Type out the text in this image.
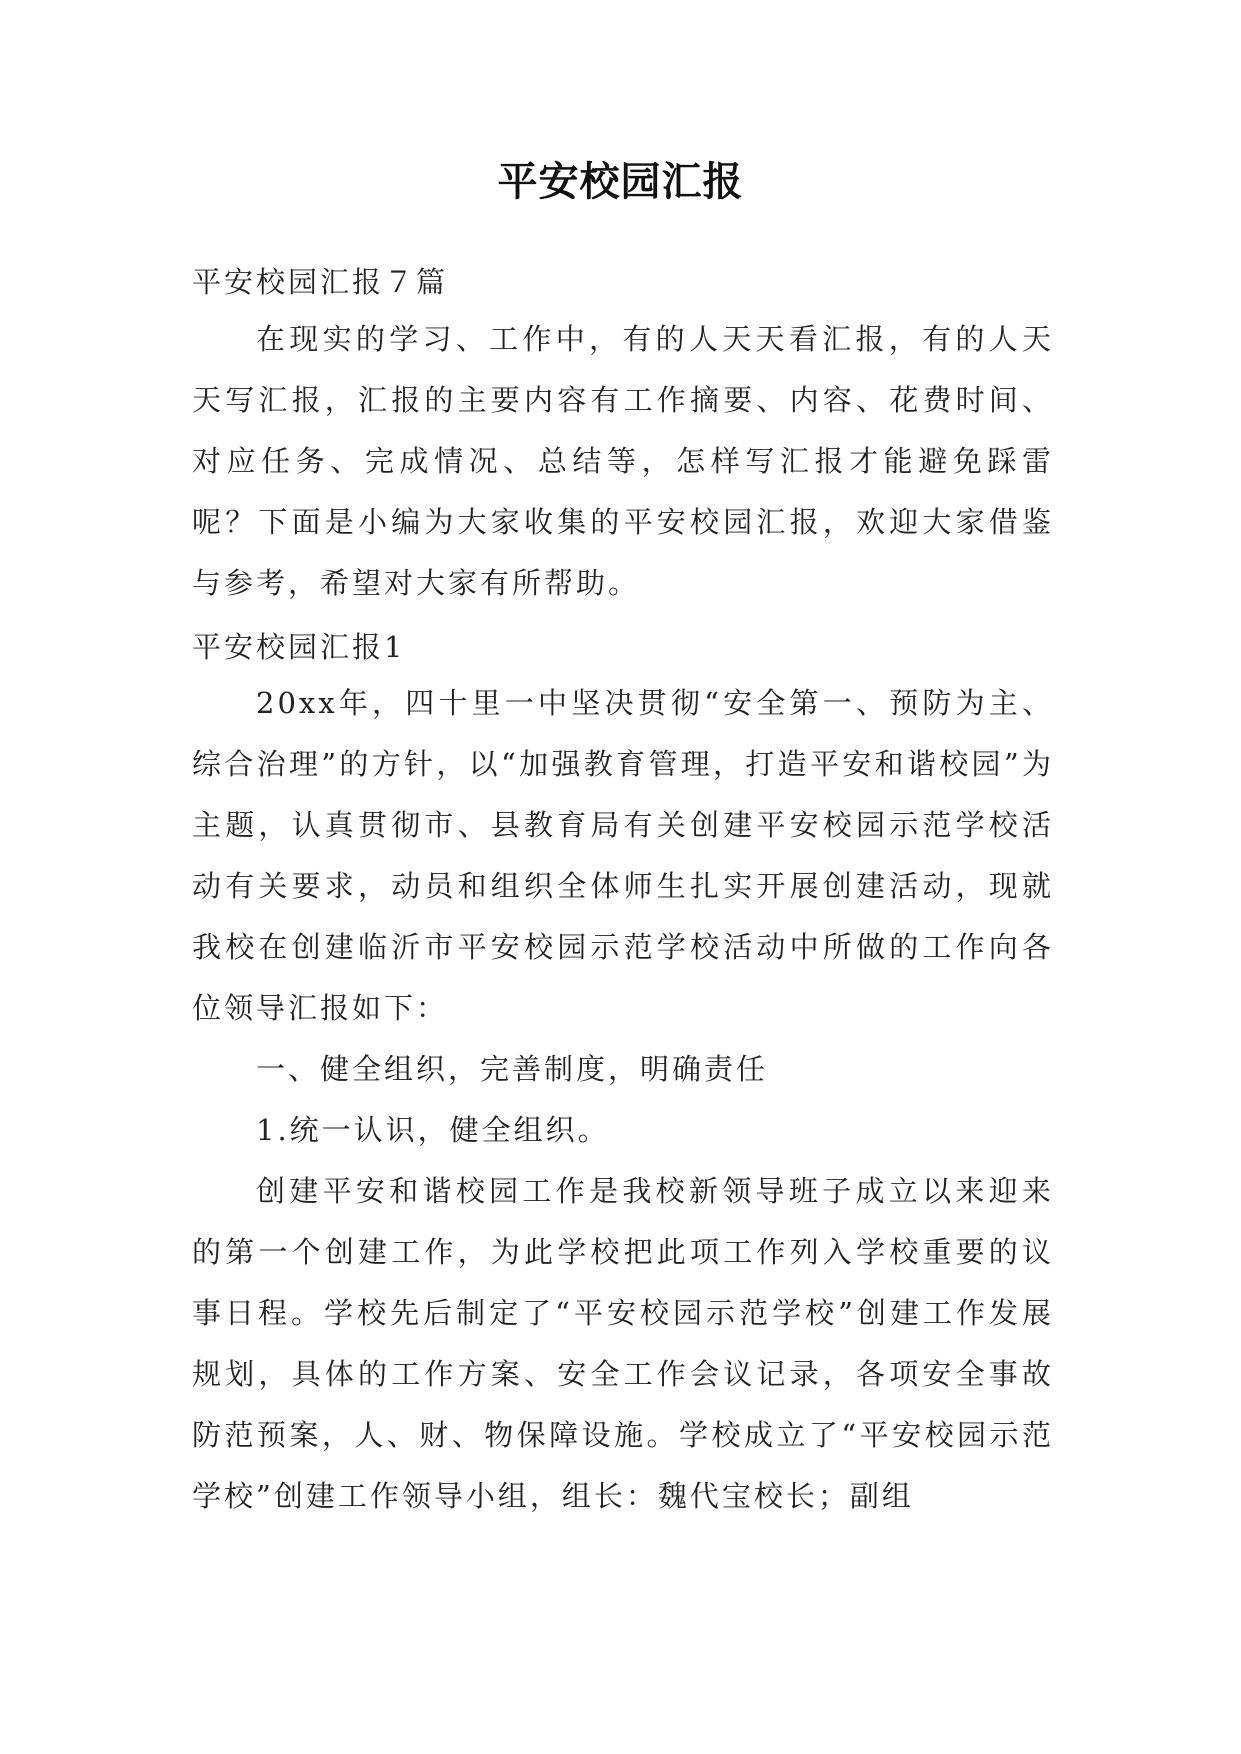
平安校园汇报
平安校园汇报７篇

在现实的学习、工作中，有的人天天看汇报，有的人天天写汇报，汇报的主要内容有工作摘要、内容、花费时间、对应任务、完成情况、总结等，怎样写汇报才能避免踩雷呢？下面是小编为大家收集的平安校园汇报，欢迎大家借鉴与参考，希望对大家有所帮助。

平安校园汇报1

20xx年，四十里一中坚决贯彻“安全第一、预防为主、综合治理”的方针，以“加强教育管理，打造平安和谐校园”为主题，认真贯彻市、县教育局有关创建平安校园示范学校活动有关要求，动员和组织全体师生扎实开展创建活动，现就我校在创建临沂市平安校园示范学校活动中所做的工作向各位领导汇报如下：

一、健全组织，完善制度，明确责任

1.统一认识，健全组织。

创建平安和谐校园工作是我校新领导班子成立以来迎来的第一个创建工作，为此学校把此项工作列入学校重要的议事日程。学校先后制定了“平安校园示范学校”创建工作发展规划，具体的工作方案、安全工作会议记录，各项安全事故防范预案，人、财、物保障设施。学校成立了“平安校园示范学校”创建工作领导小组，组长：魏代宝校长；副组
